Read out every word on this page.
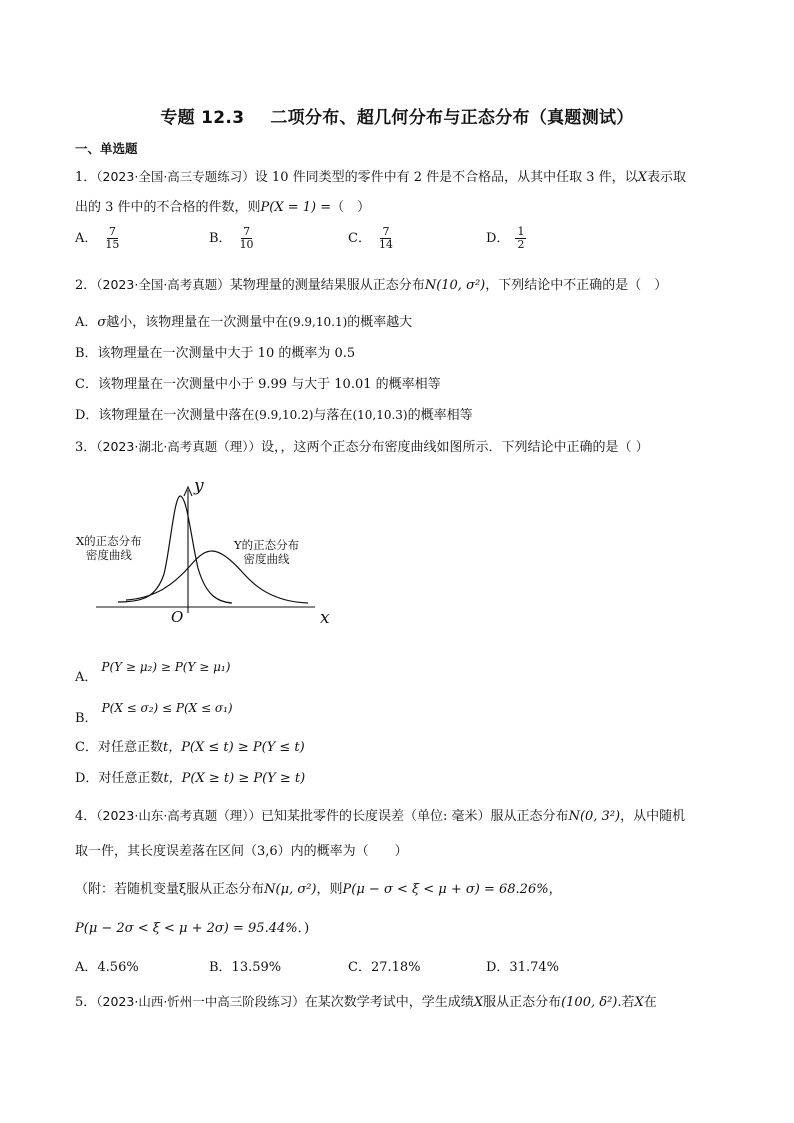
专题 12.3 二项分布、超几何分布与正态分布（真题测试）
一、单选题
1．（2023·全国·高三专题练习）设 10 件同类型的零件中有 2 件是不合格品，从其中任取 3 件，以X表示取
出的 3 件中的不合格的件数，则P(X = 1) =（　）
A． $\frac{7}{15}$	B． $\frac{7}{10}$	C． $\frac{7}{14}$	D． $\frac{1}{2}$
2．（2023·全国·高考真题）某物理量的测量结果服从正态分布N(10, σ²)，下列结论中不正确的是（　）
A．σ越小，该物理量在一次测量中在(9.9,10.1)的概率越大
B．该物理量在一次测量中大于 10 的概率为 0.5
C．该物理量在一次测量中小于 9.99 与大于 10.01 的概率相等
D．该物理量在一次测量中落在(9.9,10.2)与落在(10,10.3)的概率相等
3．（2023·湖北·高考真题（理））设，，这两个正态分布密度曲线如图所示．下列结论中正确的是（ ）
y
x
O
X的正态分布
密度曲线
Y的正态分布
密度曲线
A．P(Y ≥ μ₂) ≥ P(Y ≥ μ₁)
B．P(X ≤ σ₂) ≤ P(X ≤ σ₁)
C．对任意正数t，P(X ≤ t) ≥ P(Y ≤ t)
D．对任意正数t，P(X ≥ t) ≥ P(Y ≥ t)
4．（2023·山东·高考真题（理））已知某批零件的长度误差（单位: 毫米）服从正态分布N(0, 3²)，从中随机
取一件，其长度误差落在区间（3,6）内的概率为（　　）
（附：若随机变量ξ服从正态分布N(μ, σ²)，则P(μ − σ < ξ < μ + σ) = 68.26%，
P(μ − 2σ < ξ < μ + 2σ) = 95.44%．)
A．4.56%	B．13.59%	C．27.18%	D．31.74%
5．（2023·山西·忻州一中高三阶段练习）在某次数学考试中，学生成绩X服从正态分布(100, δ²).若X在
